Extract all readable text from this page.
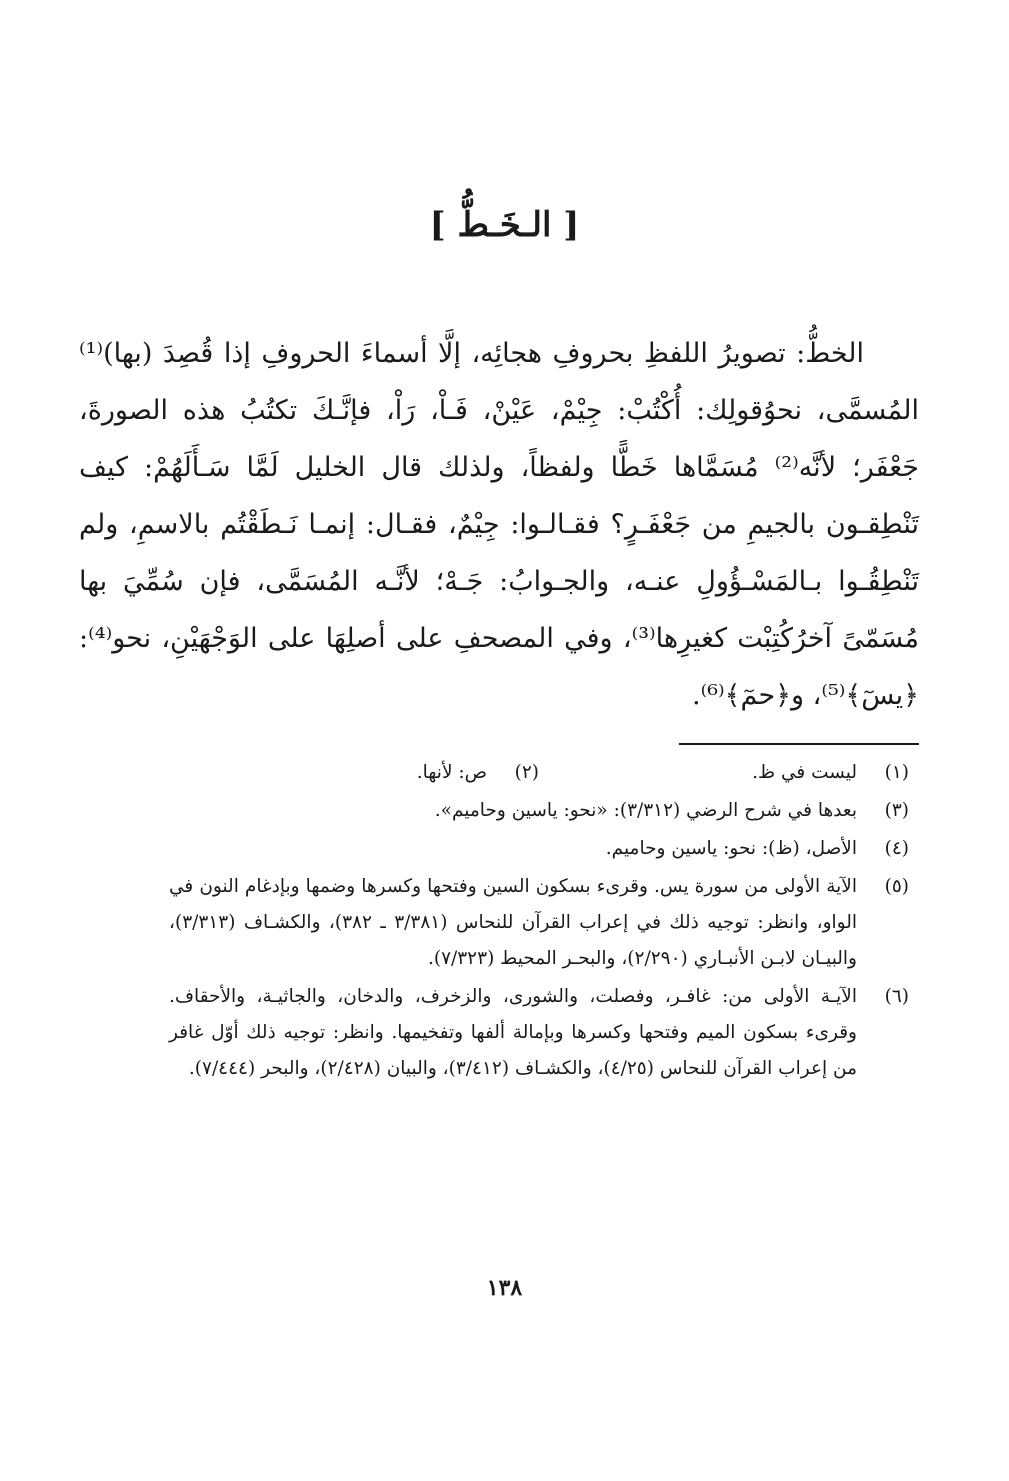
[ الـخَـطُّ ]

الخطُّ: تصويرُ اللفظِ بحروفِ هجائِه، إلَّا أسماءَ الحروفِ إذا قُصِدَ (بها)⁽¹⁾ المُسمَّى، نحوُقولِك: أُكْتُبْ: جِيْمْ، عَيْنْ، فَـاْ، رَاْ، فإنَّـكَ تكتُبُ هذه الصورةَ، جَعْفَر؛ لأنَّه⁽²⁾ مُسَمَّاها خَطًّا ولفظاً، ولذلك قال الخليل لَمَّا سَـأَلَهُمْ: كيف تَنْطِقـون بالجيمِ من جَعْفَـرٍ؟ فقـالـوا: جِيْمٌ، فقـال: إنمـا نَـطَقْتُم بالاسمِ، ولم تَنْطِقُـوا بـالمَسْـؤُولِ عنـه، والجـوابُ: جَـهْ؛ لأنَّـه المُسَمَّى، فإن سُمِّيَ بها مُسَمّىً آخرُكُتِبْت كغيرِها⁽³⁾، وفي المصحفِ على أصلِهَا على الوَجْهَيْنِ، نحو⁽⁴⁾: ﴿يسٓ﴾⁽⁵⁾، و﴿حمٓ﴾⁽⁶⁾.

(١)
ليست في ظ.
(٢)
ص: لأنها.
(٣)
بعدها في شرح الرضي (٣/٣١٢): «نحو: ياسين وحاميم».
(٤)
الأصل، (ظ): نحو: ياسين وحاميم.
(٥)
الآية الأولى من سورة يس. وقرىء بسكون السين وفتحها وكسرها وضمها وبإدغام النون في الواو، وانظر: توجيه ذلك في إعراب القرآن للنحاس (٣/٣٨١ ـ ٣٨٢)، والكشـاف (٣/٣١٣)، والبيـان لابـن الأنبـاري (٢/٢٩٠)، والبحـر المحيط (٧/٣٢٣).
(٦)
الآيـة الأولى من: غافـر، وفصلت، والشورى، والزخرف، والدخان، والجاثيـة، والأحقاف. وقرىء بسكون الميم وفتحها وكسرها وبإمالة ألفها وتفخيمها. وانظر: توجيه ذلك أوّل غافر من إعراب القرآن للنحاس (٤/٢٥)، والكشـاف (٣/٤١٢)، والبيان (٢/٤٢٨)، والبحر (٧/٤٤٤).

١٣٨
